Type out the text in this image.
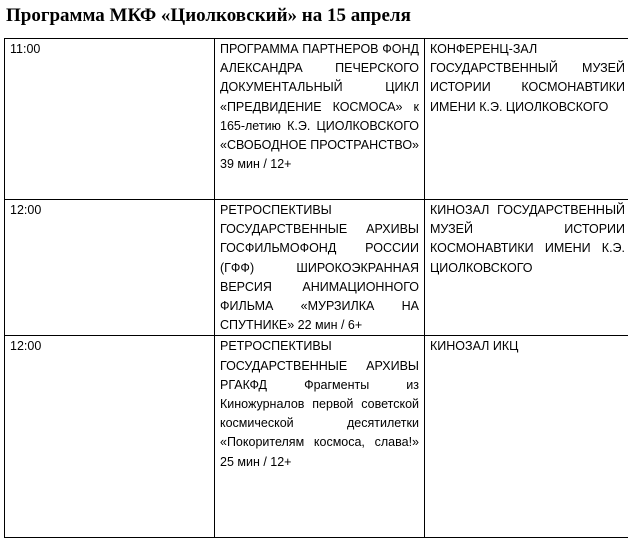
Программа МКФ «Циолковский» на 15 апреля
11:00	ПРОГРАММА ПАРТНЕРОВ ФОНД АЛЕКСАНДРА ПЕЧЕРСКОГО ДОКУМЕНТАЛЬНЫЙ ЦИКЛ «ПРЕДВИДЕНИЕ КОСМОСА» к 165-летию К.Э. ЦИОЛКОВСКОГО «СВОБОДНОЕ ПРОСТРАНСТВО» 39 мин / 12+	КОНФЕРЕНЦ-ЗАЛ ГОСУДАРСТВЕННЫЙ МУЗЕЙ ИСТОРИИ КОСМОНАВТИКИ ИМЕНИ К.Э. ЦИОЛКОВСКОГО
12:00	РЕТРОСПЕКТИВЫ ГОСУДАРСТВЕННЫЕ АРХИВЫ ГОСФИЛЬМОФОНД РОССИИ (ГФФ) ШИРОКОЭКРАННАЯ ВЕРСИЯ АНИМАЦИОННОГО ФИЛЬМА «МУРЗИЛКА НА СПУТНИКЕ» 22 мин / 6+	КИНОЗАЛ ГОСУДАРСТВЕННЫЙ МУЗЕЙ ИСТОРИИ КОСМОНАВТИКИ ИМЕНИ К.Э. ЦИОЛКОВСКОГО
12:00	РЕТРОСПЕКТИВЫ ГОСУДАРСТВЕННЫЕ АРХИВЫ РГАКФД Фрагменты из Киножурналов первой советской космической десятилетки «Покорителям космоса, слава!» 25 мин / 12+	КИНОЗАЛ ИКЦ
